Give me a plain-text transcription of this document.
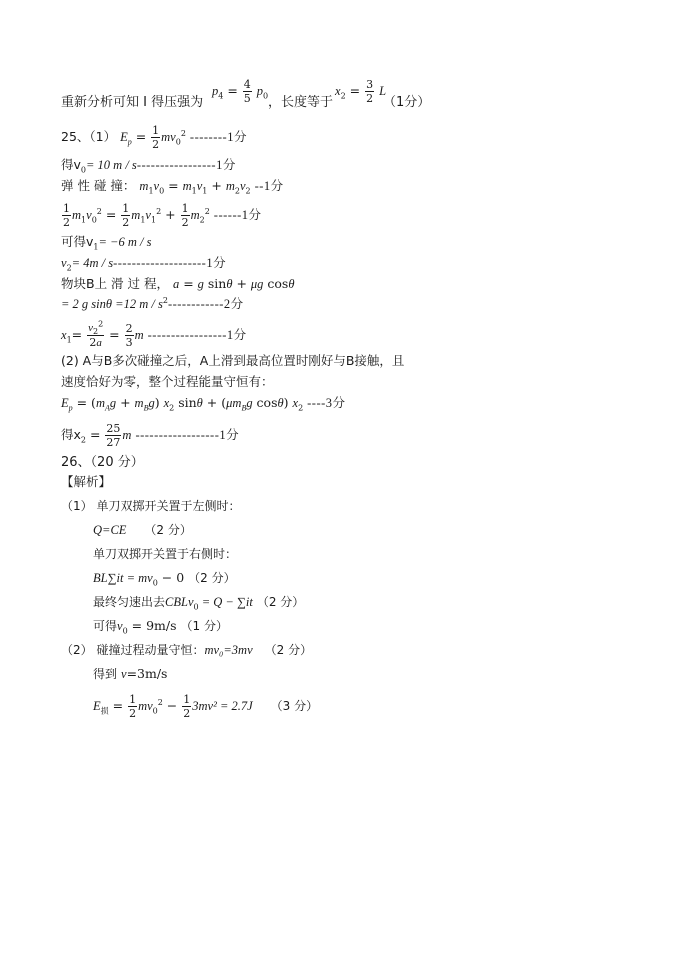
$p_4 = \frac{4}{5} p_0$	$x_2 = \frac{3}{2}$ L
重新分析可知 I 得压强为	，长度等于	（1分）
25、（1） $E_p = \frac{1}{2} mv_0^2$ --------1分
得$v_0= 10$ m / s-----------------1分
弹 性 碰 撞： $m_1v_0 = m_1v_1 + m_2v_2$ --1分
$\frac{1}{2} m_1v_0^2 = \frac{1}{2} m_1v_1^2 + \frac{1}{2} m_2^2$ ------1分
可得$v_1= -6$ m / s
$v_2= 4m / s--------------------1$分
物块B上 滑 过 程， a = g sinθ + μg cosθ
= 2 g sinθ =12 m / $s^2------------2$分
$x_1= \frac{v_2^2}{2a} = \frac{2}{3}$ m -----------------1分
(2) A与B多次碰撞之后，A上滑到最高位置时刚好与B接触，且
速度恰好为零，整个过程能量守恒有：
$E_p = (m_Ag + m_Bg)$ $x_2$ $\sin\theta + (\mu m_Bg$ cosθ) $x_2$ ----3分
得$x_2 = \frac{25}{27}$ m ------------------1分
26、（20 分）
【解析】
（1） 单刀双掷开关置于左侧时：
Q=CE （2 分）
单刀双掷开关置于右侧时：
$BL\sum it = mv_0 - 0$ （2 分）
最终匀速出去CBLv$_0$ = Q − ∑it （2 分）
可得$v_0 = 9m/s$ （1 分）
（2） 碰撞过程动量守恒：mv₀=3mv （2 分）
得到 v=3m/s
$E_损 = \frac{1}{2} mv_0^2 - \frac{1}{2} 3mv^2 = 2.7J$ （3 分）
